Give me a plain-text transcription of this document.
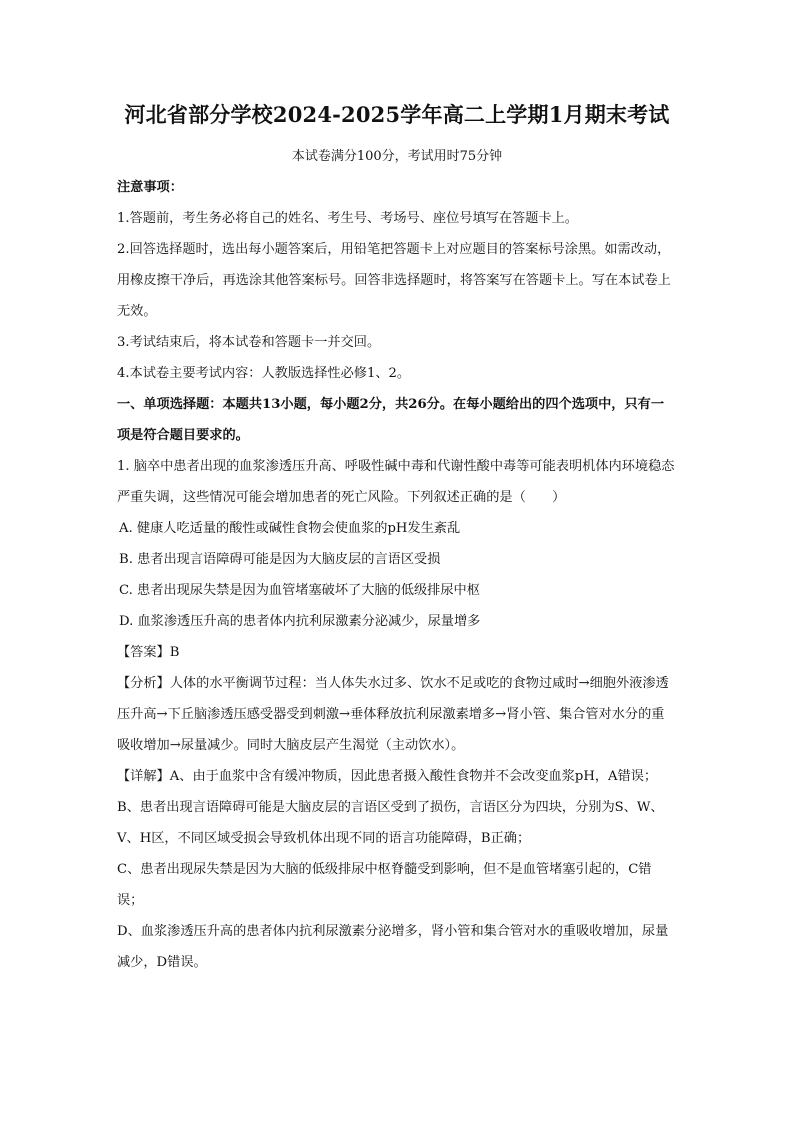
河北省部分学校2024-2025学年高二上学期1月期末考试
本试卷满分100分，考试用时75分钟

注意事项：

1.答题前，考生务必将自己的姓名、考生号、考场号、座位号填写在答题卡上。

2.回答选择题时，选出每小题答案后，用铅笔把答题卡上对应题目的答案标号涂黑。如需改动，用橡皮擦干净后，再选涂其他答案标号。回答非选择题时，将答案写在答题卡上。写在本试卷上无效。

3.考试结束后，将本试卷和答题卡一并交回。

4.本试卷主要考试内容：人教版选择性必修1、2。

一、单项选择题：本题共13小题，每小题2分，共26分。在每小题给出的四个选项中，只有一项是符合题目要求的。

1. 脑卒中患者出现的血浆渗透压升高、呼吸性碱中毒和代谢性酸中毒等可能表明机体内环境稳态严重失调，这些情况可能会增加患者的死亡风险。下列叙述正确的是（　　）

A. 健康人吃适量的酸性或碱性食物会使血浆的pH发生紊乱

B. 患者出现言语障碍可能是因为大脑皮层的言语区受损

C. 患者出现尿失禁是因为血管堵塞破坏了大脑的低级排尿中枢

D. 血浆渗透压升高的患者体内抗利尿激素分泌减少，尿量增多

【答案】B

【分析】人体的水平衡调节过程：当人体失水过多、饮水不足或吃的食物过咸时→细胞外液渗透压升高→下丘脑渗透压感受器受到刺激→垂体释放抗利尿激素增多→肾小管、集合管对水分的重吸收增加→尿量减少。同时大脑皮层产生渴觉（主动饮水）。

【详解】A、由于血浆中含有缓冲物质，因此患者摄入酸性食物并不会改变血浆pH，A错误；

B、患者出现言语障碍可能是大脑皮层的言语区受到了损伤，言语区分为四块，分别为S、W、V、H区，不同区域受损会导致机体出现不同的语言功能障碍，B正确；

C、患者出现尿失禁是因为大脑的低级排尿中枢脊髓受到影响，但不是血管堵塞引起的，C错误；

D、血浆渗透压升高的患者体内抗利尿激素分泌增多，肾小管和集合管对水的重吸收增加，尿量减少，D错误。
